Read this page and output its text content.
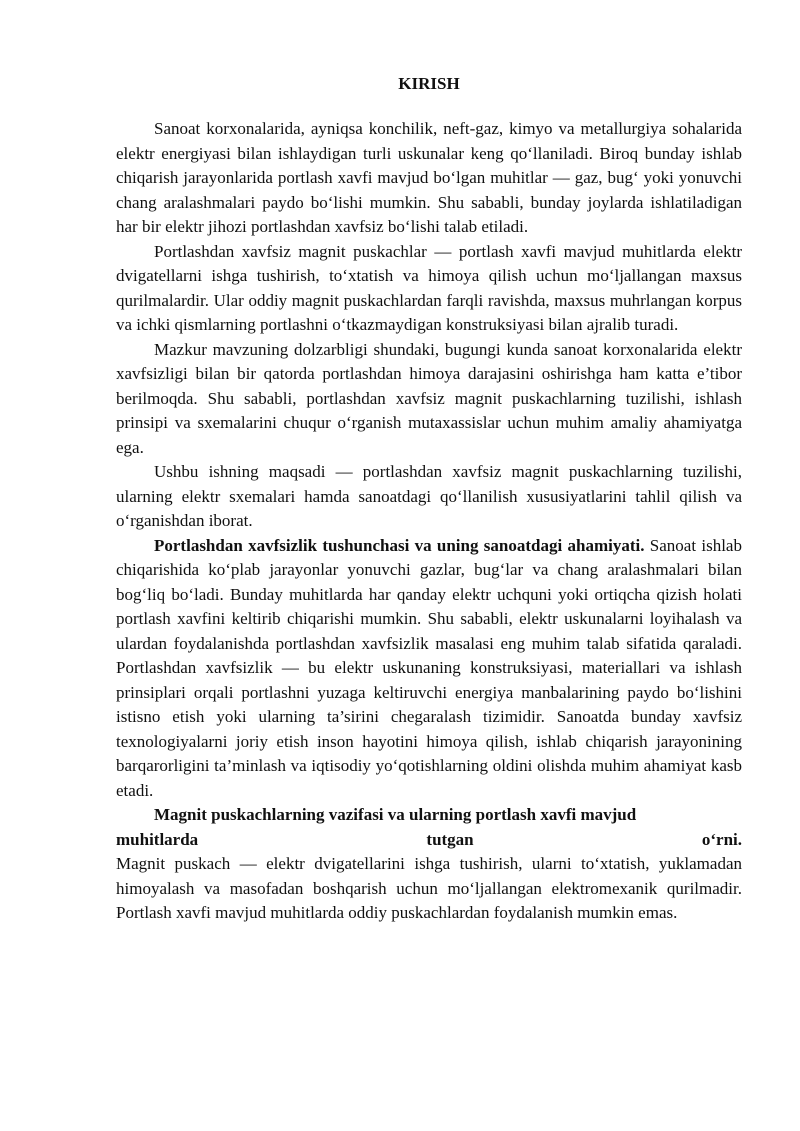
KIRISH

Sanoat korxonalarida, ayniqsa konchilik, neft-gaz, kimyo va metallurgiya sohalarida elektr energiyasi bilan ishlaydigan turli uskunalar keng qo‘llaniladi. Biroq bunday ishlab chiqarish jarayonlarida portlash xavfi mavjud bo‘lgan muhitlar — gaz, bug‘ yoki yonuvchi chang aralashmalari paydo bo‘lishi mumkin. Shu sababli, bunday joylarda ishlatiladigan har bir elektr jihozi portlashdan xavfsiz bo‘lishi talab etiladi.

Portlashdan xavfsiz magnit puskachlar — portlash xavfi mavjud muhitlarda elektr dvigatellarni ishga tushirish, to‘xtatish va himoya qilish uchun mo‘ljallangan maxsus qurilmalardir. Ular oddiy magnit puskachlardan farqli ravishda, maxsus muhrlangan korpus va ichki qismlarning portlashni o‘tkazmaydigan konstruksiyasi bilan ajralib turadi.

Mazkur mavzuning dolzarbligi shundaki, bugungi kunda sanoat korxonalarida elektr xavfsizligi bilan bir qatorda portlashdan himoya darajasini oshirishga ham katta e’tibor berilmoqda. Shu sababli, portlashdan xavfsiz magnit puskachlarning tuzilishi, ishlash prinsipi va sxemalarini chuqur o‘rganish mutaxassislar uchun muhim amaliy ahamiyatga ega.

Ushbu ishning maqsadi — portlashdan xavfsiz magnit puskachlarning tuzilishi, ularning elektr sxemalari hamda sanoatdagi qo‘llanilish xususiyatlarini tahlil qilish va o‘rganishdan iborat.

Portlashdan xavfsizlik tushunchasi va uning sanoatdagi ahamiyati. Sanoat ishlab chiqarishida ko‘plab jarayonlar yonuvchi gazlar, bug‘lar va chang aralashmalari bilan bog‘liq bo‘ladi. Bunday muhitlarda har qanday elektr uchquni yoki ortiqcha qizish holati portlash xavfini keltirib chiqarishi mumkin. Shu sababli, elektr uskunalarni loyihalash va ulardan foydalanishda portlashdan xavfsizlik masalasi eng muhim talab sifatida qaraladi. Portlashdan xavfsizlik — bu elektr uskunaning konstruksiyasi, materiallari va ishlash prinsiplari orqali portlashni yuzaga keltiruvchi energiya manbalarining paydo bo‘lishini istisno etish yoki ularning ta’sirini chegaralash tizimidir. Sanoatda bunday xavfsiz texnologiyalarni joriy etish inson hayotini himoya qilish, ishlab chiqarish jarayonining barqarorligini ta’minlash va iqtisodiy yo‘qotishlarning oldini olishda muhim ahamiyat kasb etadi.

Magnit puskachlarning vazifasi va ularning portlash xavfi mavjud

muhitlarda tutgan o‘rni.

Magnit puskach — elektr dvigatellarini ishga tushirish, ularni to‘xtatish, yuklamadan himoyalash va masofadan boshqarish uchun mo‘ljallangan elektromexanik qurilmadir. Portlash xavfi mavjud muhitlarda oddiy puskachlardan foydalanish mumkin emas.
